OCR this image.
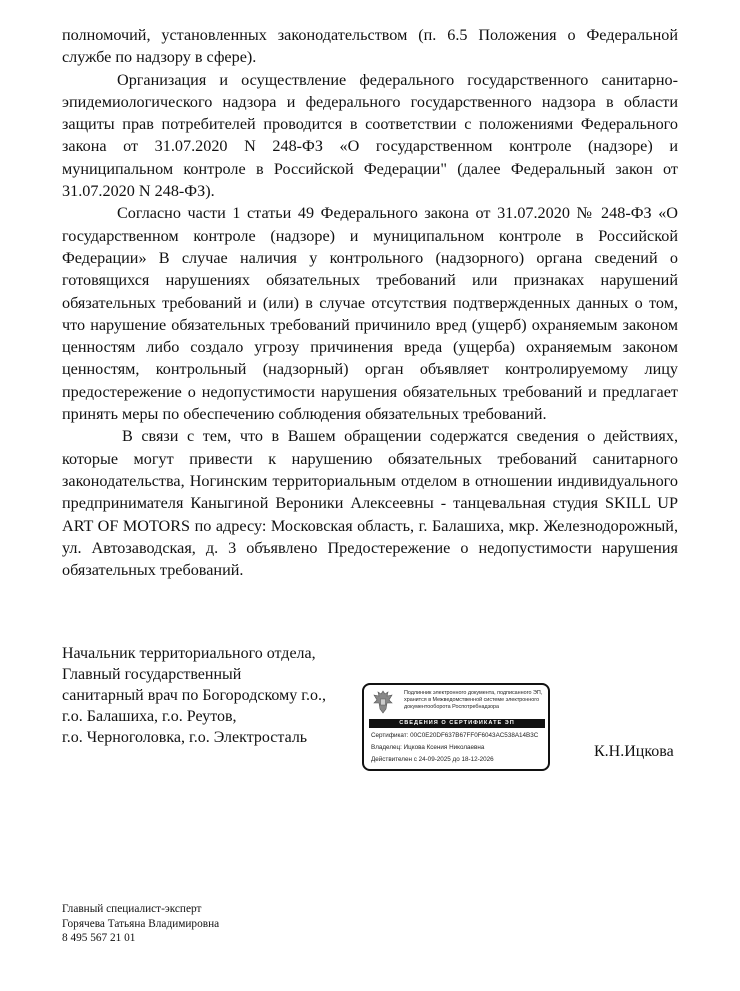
полномочий, установленных законодательством (п. 6.5 Положения о Федеральной службе по надзору в сфере).

Организация и осуществление федерального государственного санитарно-эпидемиологического надзора и федерального государственного надзора в области защиты прав потребителей проводится в соответствии с положениями Федерального закона от 31.07.2020 N 248-ФЗ «О государственном контроле (надзоре) и муниципальном контроле в Российской Федерации" (далее Федеральный закон от 31.07.2020 N 248-ФЗ).

Согласно части 1 статьи 49 Федерального закона от 31.07.2020 № 248-ФЗ «О государственном контроле (надзоре) и муниципальном контроле в Российской Федерации» В случае наличия у контрольного (надзорного) органа сведений о готовящихся нарушениях обязательных требований или признаках нарушений обязательных требований и (или) в случае отсутствия подтвержденных данных о том, что нарушение обязательных требований причинило вред (ущерб) охраняемым законом ценностям либо создало угрозу причинения вреда (ущерба) охраняемым законом ценностям, контрольный (надзорный) орган объявляет контролируемому лицу предостережение о недопустимости нарушения обязательных требований и предлагает принять меры по обеспечению соблюдения обязательных требований.

В связи с тем, что в Вашем обращении содержатся сведения о действиях, которые могут привести к нарушению обязательных требований санитарного законодательства, Ногинским территориальным отделом в отношении индивидуального предпринимателя Каныгиной Вероники Алексеевны - танцевальная студия SKILL UP ART OF MOTORS по адресу: Московская область, г. Балашиха, мкр. Железнодорожный, ул. Автозаводская, д. 3 объявлено Предостережение о недопустимости нарушения обязательных требований.

Начальник территориального отдела,
Главный государственный
санитарный врач по Богородскому г.о.,
г.о. Балашиха, г.о. Реутов,
г.о. Черноголовка, г.о. Электросталь
Подлинник электронного документа, подписанного ЭП, хранится в Межведомственной системе электронного документооборота Роспотребнадзора
СВЕДЕНИЯ О СЕРТИФИКАТЕ ЭП
Сертификат: 00C0E20DF637B67FF0F6043AC538A14B3C
Владелец: Ицкова Ксения Николаевна
Действителен с 24-09-2025 до 18-12-2026	К.Н.Ицкова
Главный специалист-эксперт
Горячева Татьяна Владимировна
8 495 567 21 01
